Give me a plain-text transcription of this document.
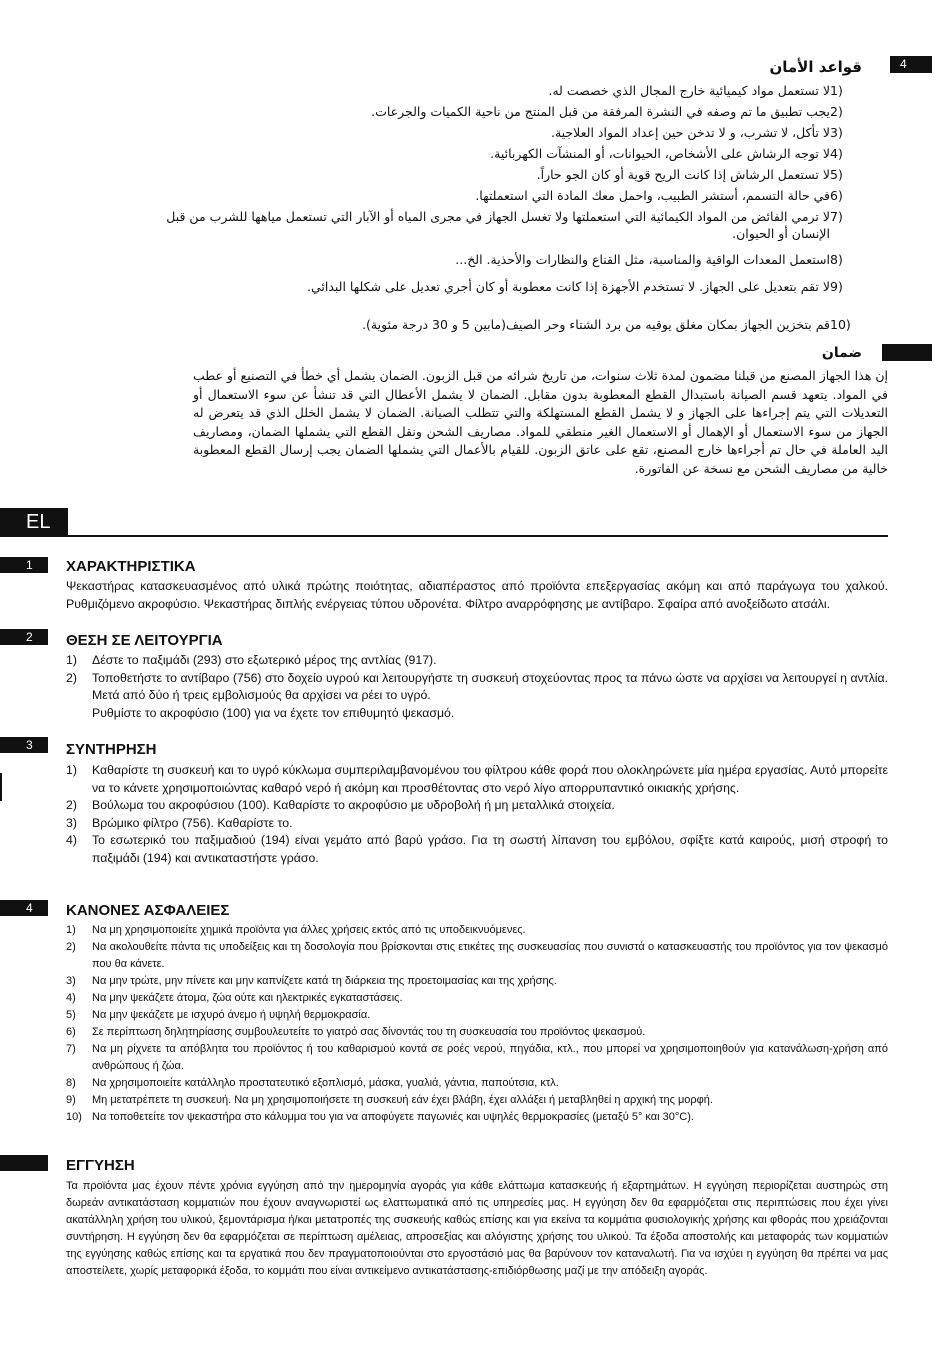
4
قواعد الأمان
1)
لا تستعمل مواد كيميائية خارج المجال الذي خصصت له.
2)
يجب تطبيق ما تم وصفه في النشرة المرفقة من قبل المنتج من ناحية الكميات والجرعات.
3)
لا تأكل، لا تشرب، و لا تدخن حين إعداد المواد العلاجية.
4)
لا توجه الرشاش على الأشخاص، الحيوانات، أو المنشآت الكهربائية.
5)
لا تستعمل الرشاش إذا كانت الريح قوية أو كان الجو حاراً.
6)
في حالة التسمم، أستشر الطبيب، واحمل معك المادة التي استعملتها.
7)
لا ترمي الفائض من المواد الكيمائية التي استعملتها ولا تغسل الجهاز في مجرى المياه أو الآبار التي تستعمل مياهها للشرب من قبل الإنسان أو الحيوان.
8)
استعمل المعدات الواقية والمناسبة، مثل القناع والنظارات والأحذية. الخ...
9)
لا تقم بتعديل على الجهاز. لا تستخدم الأجهزة إذا كانت معطوبة أو كان أجري تعديل على شكلها البدائي.
10)
قم بتخزين الجهاز بمكان مغلق يوقيه من برد الشتاء وحر الصيف(مابين 5 و 30 درجة مئوية).
ضمان
إن هذا الجهاز المصنع من قبلنا مضمون لمدة ثلاث سنوات، من تاريخ شرائه من قبل الزبون. الضمان يشمل أي خطأ في التصنيع أو عطب في المواد. يتعهد قسم الصيانة باستبدال القطع المعطوبة بدون مقابل. الضمان لا يشمل الأعطال التي قد تنشأ عن سوء الاستعمال أو التعديلات التي يتم إجراءها على الجهاز و لا يشمل القطع المستهلكة والتي تتطلب الصيانة. الضمان لا يشمل الخلل الذي قد يتعرض له الجهاز من سوء الاستعمال أو الإهمال أو الاستعمال الغير منطقي للمواد. مصاريف الشحن ونقل القطع التي يشملها الضمان، ومصاريف اليد العاملة في حال تم أجراءها خارج المصنع، تقع على عاتق الزبون. للقيام بالأعمال التي يشملها الضمان يجب إرسال القطع المعطوبة خالية من مصاريف الشحن مع نسخة عن الفاتورة.
EL
1	ΧΑΡΑΚΤΗΡΙΣΤΙΚΑ
Ψεκαστήρας κατασκευασμένος από υλικά πρώτης ποιότητας, αδιαπέραστος από προϊόντα επεξεργασίας ακόμη και από παράγωγα του χαλκού. Ρυθμιζόμενο ακροφύσιο. Ψεκαστήρας διπλής ενέργειας τύπου υδρονέτα. Φίλτρο αναρρόφησης με αντίβαρο. Σφαίρα από ανοξείδωτο ατσάλι.
2	ΘΕΣΗ ΣΕ ΛΕΙΤΟΥΡΓΙΑ
1)	Δέστε το παξιμάδι (293) στο εξωτερικό μέρος της αντλίας (917).
2)	Τοποθετήστε το αντίβαρο (756) στο δοχείο υγρού και λειτουργήστε τη συσκευή στοχεύοντας προς τα πάνω ώστε να αρχίσει να λειτουργεί η αντλία. Μετά από δύο ή τρεις εμβολισμούς θα αρχίσει να ρέει το υγρό.
Ρυθμίστε το ακροφύσιο (100) για να έχετε τον επιθυμητό ψεκασμό.
3	ΣΥΝΤΗΡΗΣΗ
1)	Καθαρίστε τη συσκευή και το υγρό κύκλωμα συμπεριλαμβανομένου του φίλτρου κάθε φορά που ολοκληρώνετε μία ημέρα εργασίας. Αυτό μπορείτε να το κάνετε χρησιμοποιώντας καθαρό νερό ή ακόμη και προσθέτοντας στο νερό λίγο απορρυπαντικό οικιακής χρήσης.
2)	Βούλωμα του ακροφύσιου (100). Καθαρίστε το ακροφύσιο με υδροβολή ή μη μεταλλικά στοιχεία.
3)	Βρώμικο φίλτρο (756). Καθαρίστε το.
4)	Το εσωτερικό του παξιμαδιού (194) είναι γεμάτο από βαρύ γράσο. Για τη σωστή λίπανση του εμβόλου, σφίξτε κατά καιρούς, μισή στροφή το παξιμάδι (194) και αντικαταστήστε γράσο.
4	ΚΑΝΟΝΕΣ ΑΣΦΑΛΕΙΕΣ
1)	Να μη χρησιμοποιείτε χημικά προϊόντα για άλλες χρήσεις εκτός από τις υποδεικνυόμενες.
2)	Να ακολουθείτε πάντα τις υποδείξεις και τη δοσολογία που βρίσκονται στις ετικέτες της συσκευασίας που συνιστά ο κατασκευαστής του προϊόντος για τον ψεκασμό που θα κάνετε.
3)	Να μην τρώτε, μην πίνετε και μην καπνίζετε κατά τη διάρκεια της προετοιμασίας και της χρήσης.
4)	Να μην ψεκάζετε άτομα, ζώα ούτε και ηλεκτρικές εγκαταστάσεις.
5)	Να μην ψεκάζετε με ισχυρό άνεμο ή υψηλή θερμοκρασία.
6)	Σε περίπτωση δηλητηρίασης συμβουλευτείτε το γιατρό σας δίνοντάς του τη συσκευασία του προϊόντος ψεκασμού.
7)	Να μη ρίχνετε τα απόβλητα του προϊόντος ή του καθαρισμού κοντά σε ροές νερού, πηγάδια, κτλ., που μπορεί να χρησιμοποιηθούν για κατανάλωση-χρήση από ανθρώπους ή ζώα.
8)	Να χρησιμοποιείτε κατάλληλο προστατευτικό εξοπλισμό, μάσκα, γυαλιά, γάντια, παπούτσια, κτλ.
9)	Μη μετατρέπετε τη συσκευή. Να μη χρησιμοποιήσετε τη συσκευή εάν έχει βλάβη, έχει αλλάξει ή μεταβληθεί η αρχική της μορφή.
10) Να τοποθετείτε τον ψεκαστήρα στο κάλυμμα του για να αποφύγετε παγωνιές και υψηλές θερμοκρασίες (μεταξύ 5° και 30°C).
ΕΓΓΥΗΣΗ
Τα προϊόντα μας έχουν πέντε χρόνια εγγύηση από την ημερομηνία αγοράς για κάθε ελάττωμα κατασκευής ή εξαρτημάτων. Η εγγύηση περιορίζεται αυστηρώς στη δωρεάν αντικατάσταση κομματιών που έχουν αναγνωριστεί ως ελαττωματικά από τις υπηρεσίες μας. Η εγγύηση δεν θα εφαρμόζεται στις περιπτώσεις που έχει γίνει ακατάλληλη χρήση του υλικού, ξεμοντάρισμα ή/και μετατροπές της συσκευής καθώς επίσης και για εκείνα τα κομμάτια φυσιολογικής χρήσης και φθοράς που χρειάζονται συντήρηση. Η εγγύηση δεν θα εφαρμόζεται σε περίπτωση αμέλειας, απροσεξίας και αλόγιστης χρήσης του υλικού. Τα έξοδα αποστολής και μεταφοράς των κομματιών της εγγύησης καθώς επίσης και τα εργατικά που δεν πραγματοποιούνται στο εργοστάσιό μας θα βαρύνουν τον καταναλωτή. Για να ισχύει η εγγύηση θα πρέπει να μας αποστείλετε, χωρίς μεταφορικά έξοδα, το κομμάτι που είναι αντικείμενο αντικατάστασης-επιδιόρθωσης μαζί με την απόδειξη αγοράς.
